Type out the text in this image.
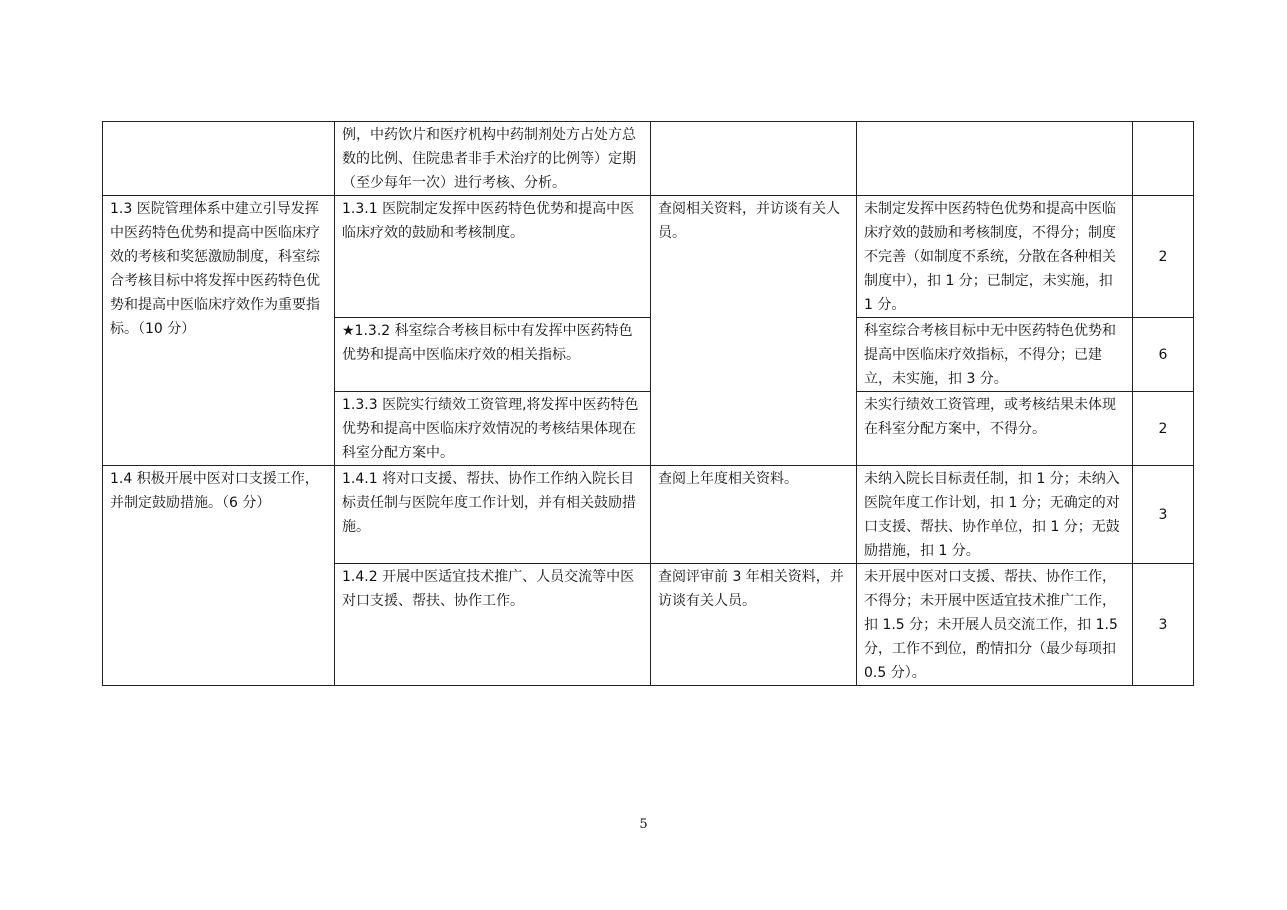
	例，中药饮片和医疗机构中药制剂处方占处方总数的比例、住院患者非手术治疗的比例等）定期（至少每年一次）进行考核、分析。			
1.3 医院管理体系中建立引导发挥中医药特色优势和提高中医临床疗效的考核和奖惩激励制度，科室综合考核目标中将发挥中医药特色优势和提高中医临床疗效作为重要指标。（10 分）	1.3.1 医院制定发挥中医药特色优势和提高中医临床疗效的鼓励和考核制度。	查阅相关资料，并访谈有关人员。	未制定发挥中医药特色优势和提高中医临床疗效的鼓励和考核制度，不得分；制度不完善（如制度不系统，分散在各种相关制度中），扣 1 分；已制定，未实施，扣 1 分。	2
	★1.3.2 科室综合考核目标中有发挥中医药特色优势和提高中医临床疗效的相关指标。		科室综合考核目标中无中医药特色优势和提高中医临床疗效指标，不得分；已建立，未实施，扣 3 分。	6
	1.3.3 医院实行绩效工资管理,将发挥中医药特色优势和提高中医临床疗效情况的考核结果体现在科室分配方案中。		未实行绩效工资管理，或考核结果未体现在科室分配方案中，不得分。	2
1.4 积极开展中医对口支援工作，并制定鼓励措施。（6 分）	1.4.1 将对口支援、帮扶、协作工作纳入院长目标责任制与医院年度工作计划，并有相关鼓励措施。	查阅上年度相关资料。	未纳入院长目标责任制，扣 1 分；未纳入医院年度工作计划，扣 1 分；无确定的对口支援、帮扶、协作单位，扣 1 分；无鼓励措施，扣 1 分。	3
	1.4.2 开展中医适宜技术推广、人员交流等中医对口支援、帮扶、协作工作。	查阅评审前 3 年相关资料，并访谈有关人员。	未开展中医对口支援、帮扶、协作工作，不得分；未开展中医适宜技术推广工作，扣 1.5 分；未开展人员交流工作，扣 1.5 分，工作不到位，酌情扣分（最少每项扣 0.5 分）。	3
5
